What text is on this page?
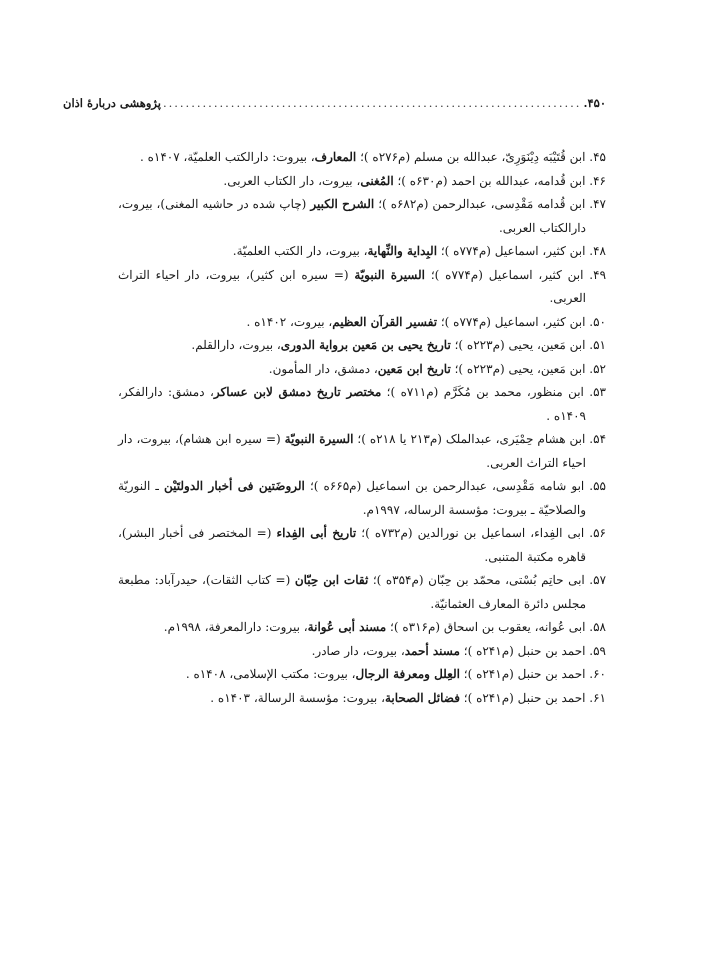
۴۵۰.
..........................................................................
پژوهشی دربارهٔ اذان
۴۵. ابن قُتَیْبَه دِیْنَوَرِیّ، عبدالله بن مسلم (م۲۷۶ه )؛ المعارف، بیروت: دارالکتب العلمیّة، ۱۴۰۷ه .
۴۶. ابن قُدامه، عبدالله بن احمد (م۶۳۰ه )؛ المُغنی، بیروت، دار الکتاب العربی.
۴۷. ابن قُدامه مَقْدِسی، عبدالرحمن (م۶۸۲ه )؛ الشرح الکبیر (چاپ شده در حاشیه المغنی)، بیروت، دارالکتاب العربی.
۴۸. ابن کثیر، اسماعیل (م۷۷۴ه )؛ البِدایة والنِّهایة، بیروت، دار الکتب العلمیّة.
۴۹. ابن کثیر، اسماعیل (م۷۷۴ه )؛ السیرة النبویّة (= سیره ابن کثیر)، بیروت، دار احیاء التراث العربی.
۵۰. ابن کثیر، اسماعیل (م۷۷۴ه )؛ تفسیر القرآن العظیم، بیروت، ۱۴۰۲ه .
۵۱. ابن مَعین، یحیی (م۲۲۳ه )؛ تاریخ یحیی بن مَعین بروایة الدوری، بیروت، دارالقلم.
۵۲. ابن مَعین، یحیی (م۲۲۳ه )؛ تاریخ ابن مَعین، دمشق، دار المأمون.
۵۳. ابن منظور، محمد بن مُکَرَّم (م۷۱۱ه )؛ مختصر تاریخ دمشق لابن عساکر، دمشق: دارالفکر، ۱۴۰۹ه .
۵۴. ابن هشام حِمْیَری، عبدالملک (م۲۱۳ یا ۲۱۸ه )؛ السیرة النبویّة (= سیره ابن هشام)، بیروت، دار احیاء التراث العربی.
۵۵. ابو شامه مَقْدِسی، عبدالرحمن بن اسماعیل (م۶۶۵ه )؛ الروضَتین فی أخبار الدولتَیْن ـ النوریّة والصلاحیّة ـ بیروت: مؤسسة الرساله، ۱۹۹۷م.
۵۶. ابی الفِداء، اسماعیل بن نورالدین (م۷۳۲ه )؛ تاریخ أبی الفِداء (= المختصر فی أخبار البشر)، قاهره مکتبة المتنبی.
۵۷. ابی حاتِم بُسْتی، محمّد بن حِبّان (م۳۵۴ه )؛ ثقات ابن حِبّان (= کتاب الثقات)، حیدرآباد: مطبعة مجلس دائرة المعارف العثمانیّة.
۵۸. ابی عُوانه، یعقوب بن اسحاق (م۳۱۶ه )؛ مسند أبی عُوانة، بیروت: دارالمعرفة، ۱۹۹۸م.
۵۹. احمد بن حنبل (م۲۴۱ه )؛ مسند أحمد، بیروت، دار صادر.
۶۰. احمد بن حنبل (م۲۴۱ه )؛ العِلل ومعرفة الرجال، بیروت: مکتب الإسلامی، ۱۴۰۸ه .
۶۱. احمد بن حنبل (م۲۴۱ه )؛ فضائل الصحابة، بیروت: مؤسسة الرسالة، ۱۴۰۳ه .
